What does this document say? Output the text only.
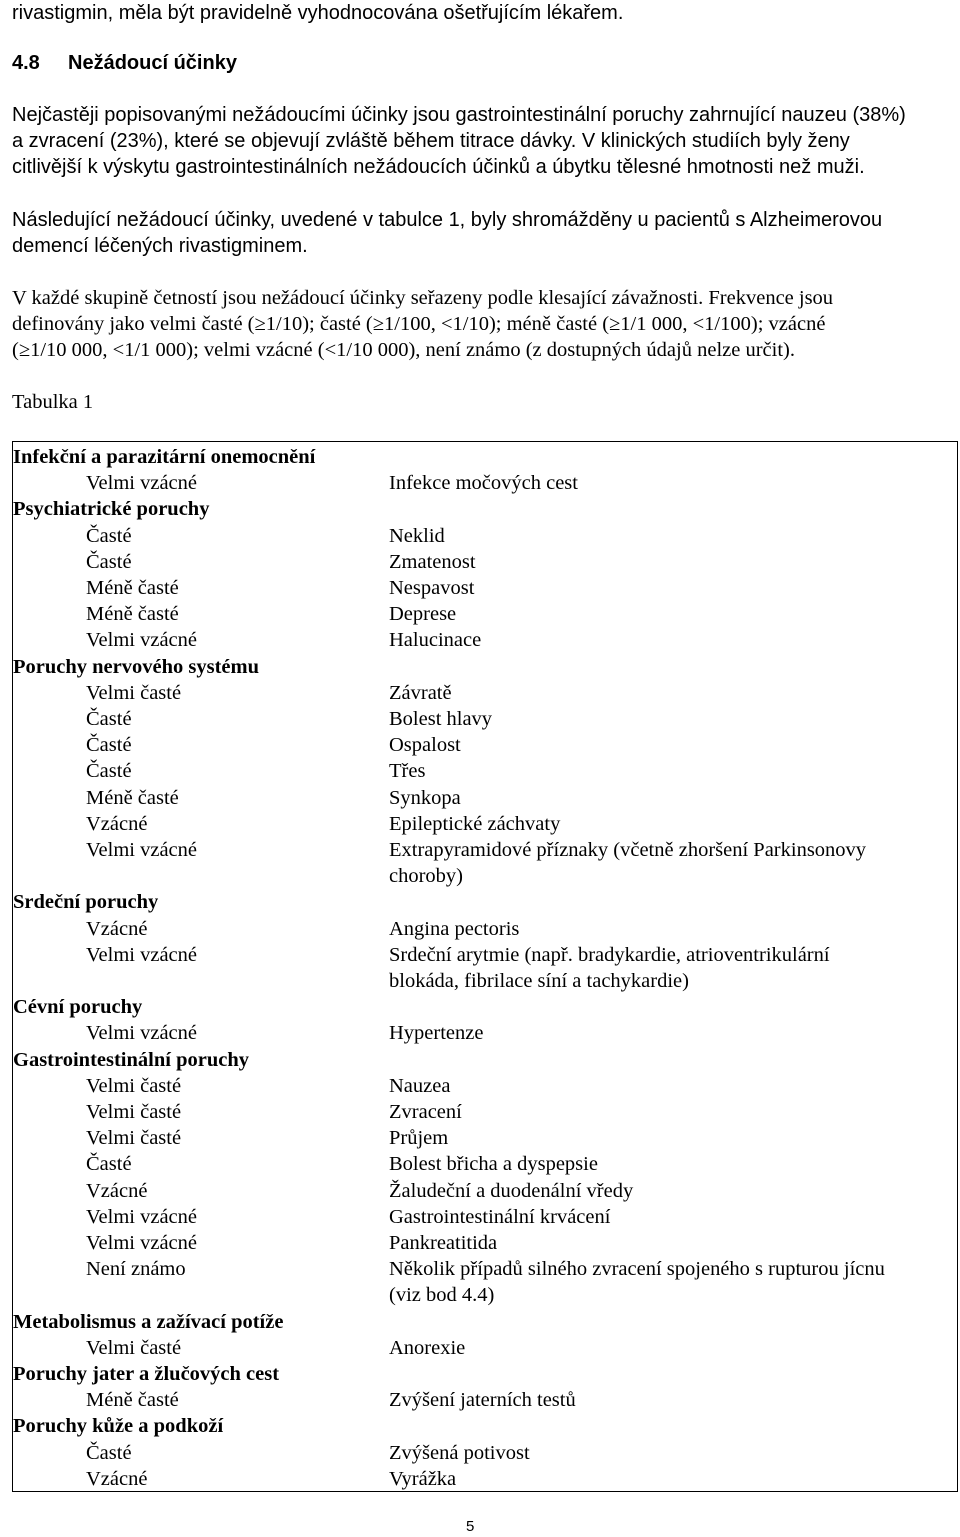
rivastigmin, měla být pravidelně vyhodnocována ošetřujícím lékařem.

4.8 Nežádoucí účinky

Nejčastěji popisovanými nežádoucími účinky jsou gastrointestinální poruchy zahrnující nauzeu (38%)
a zvracení (23%), které se objevují zvláště během titrace dávky. V klinických studiích byly ženy
citlivější k výskytu gastrointestinálních nežádoucích účinků a úbytku tělesné hmotnosti než muži.
Následující nežádoucí účinky, uvedené v tabulce 1, byly shromážděny u pacientů s Alzheimerovou
demencí léčených rivastigminem.
V každé skupině četností jsou nežádoucí účinky seřazeny podle klesající závažnosti. Frekvence jsou
definovány jako velmi časté (≥1/10); časté (≥1/100, <1/10); méně časté (≥1/1 000, <1/100); vzácné
(≥1/10 000, <1/1 000); velmi vzácné (<1/10 000), není známo (z dostupných údajů nelze určit).

Tabulka 1

Infekční a parazitární onemocnění
Velmi vzácné	Infekce močových cest
Psychiatrické poruchy
Časté	Neklid
Časté	Zmatenost
Méně časté	Nespavost
Méně časté	Deprese
Velmi vzácné	Halucinace
Poruchy nervového systému
Velmi časté	Závratě
Časté	Bolest hlavy
Časté	Ospalost
Časté	Třes
Méně časté	Synkopa
Vzácné	Epileptické záchvaty
Velmi vzácné	Extrapyramidové příznaky (včetně zhoršení Parkinsonovy
choroby)
Srdeční poruchy
Vzácné	Angina pectoris
Velmi vzácné	Srdeční arytmie (např. bradykardie, atrioventrikulární
blokáda, fibrilace síní a tachykardie)
Cévní poruchy
Velmi vzácné	Hypertenze
Gastrointestinální poruchy
Velmi časté	Nauzea
Velmi časté	Zvracení
Velmi časté	Průjem
Časté	Bolest břicha a dyspepsie
Vzácné	Žaludeční a duodenální vředy
Velmi vzácné	Gastrointestinální krvácení
Velmi vzácné	Pankreatitida
Není známo	Několik případů silného zvracení spojeného s rupturou jícnu
(viz bod 4.4)
Metabolismus a zažívací potíže
Velmi časté	Anorexie
Poruchy jater a žlučových cest
Méně časté	Zvýšení jaterních testů
Poruchy kůže a podkoží
Časté	Zvýšená potivost
Vzácné	Vyrážka
5
